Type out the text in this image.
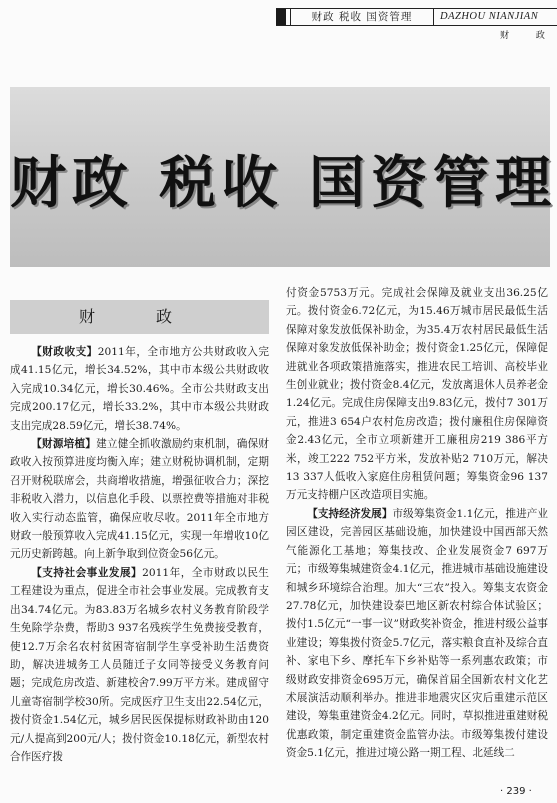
财政 税收 国资管理	DAZHOU NIANJIAN
财 政
财政 税收 国资管理
财 政

【财政收支】2011年，全市地方公共财政收入完成41.15亿元，增长34.52%，其中市本级公共财政收入完成10.34亿元，增长30.46%。全市公共财政支出完成200.17亿元，增长33.2%，其中市本级公共财政支出完成28.59亿元，增长38.74%。

【财源培植】建立健全抓收激励约束机制，确保财政收入按预算进度均衡入库；建立财税协调机制，定期召开财税联席会，共商增收措施，增强征收合力；深挖非税收入潜力，以信息化手段、以票控费等措施对非税收入实行动态监管，确保应收尽收。2011年全市地方财政一般预算收入完成41.15亿元，实现一年增收10亿元历史新跨越。向上新争取到位资金56亿元。

【支持社会事业发展】2011年，全市财政以民生工程建设为重点，促进全市社会事业发展。完成教育支出34.74亿元。为83.83万名城乡农村义务教育阶段学生免除学杂费，帮助3 937名残疾学生免费接受教育，使12.7万余名农村贫困寄宿制学生享受补助生活费资助，解决进城务工人员随迁子女同等接受义务教育问题；完成危房改造、新建校舍7.99万平方米。建成留守儿童寄宿制学校30所。完成医疗卫生支出22.54亿元，拨付资金1.54亿元，城乡居民医保提标财政补助由120元/人提高到200元/人；拨付资金10.18亿元，新型农村合作医疗拨

付资金5753万元。完成社会保障及就业支出36.25亿元。拨付资金6.72亿元，为15.46万城市居民最低生活保障对象发放低保补助金，为35.4万农村居民最低生活保障对象发放低保补助金；拨付资金1.25亿元，保障促进就业各项政策措施落实，推进农民工培训、高校毕业生创业就业；拨付资金8.4亿元，发放离退休人员养老金1.24亿元。完成住房保障支出9.83亿元，拨付7 301万元，推进3 654户农村危房改造；拨付廉租住房保障资金2.43亿元，全市立项新建开工廉租房219 386平方米，竣工222 752平方米，发放补贴2 710万元，解决13 337人低收入家庭住房租赁问题；筹集资金96 137万元支持棚户区改造项目实施。

【支持经济发展】市级筹集资金1.1亿元，推进产业园区建设，完善园区基础设施，加快建设中国西部天然气能源化工基地；筹集技改、企业发展资金7 697万元；市级筹集城建资金4.1亿元，推进城市基础设施建设和城乡环境综合治理。加大“三农”投入。筹集支农资金27.78亿元，加快建设泰巴地区新农村综合体试验区；拨付1.5亿元“一事一议”财政奖补资金，推进村级公益事业建设；筹集拨付资金5.7亿元，落实粮食直补及综合直补、家电下乡、摩托车下乡补贴等一系列惠农政策；市级财政安排资金695万元，确保首届全国新农村文化艺术展演活动顺利举办。推进非地震灾区灾后重建示范区建设，筹集重建资金4.2亿元。同时，草拟推进重建财税优惠政策，制定重建资金监管办法。市级筹集拨付建设资金5.1亿元，推进过境公路一期工程、北延线二

· 239 ·
